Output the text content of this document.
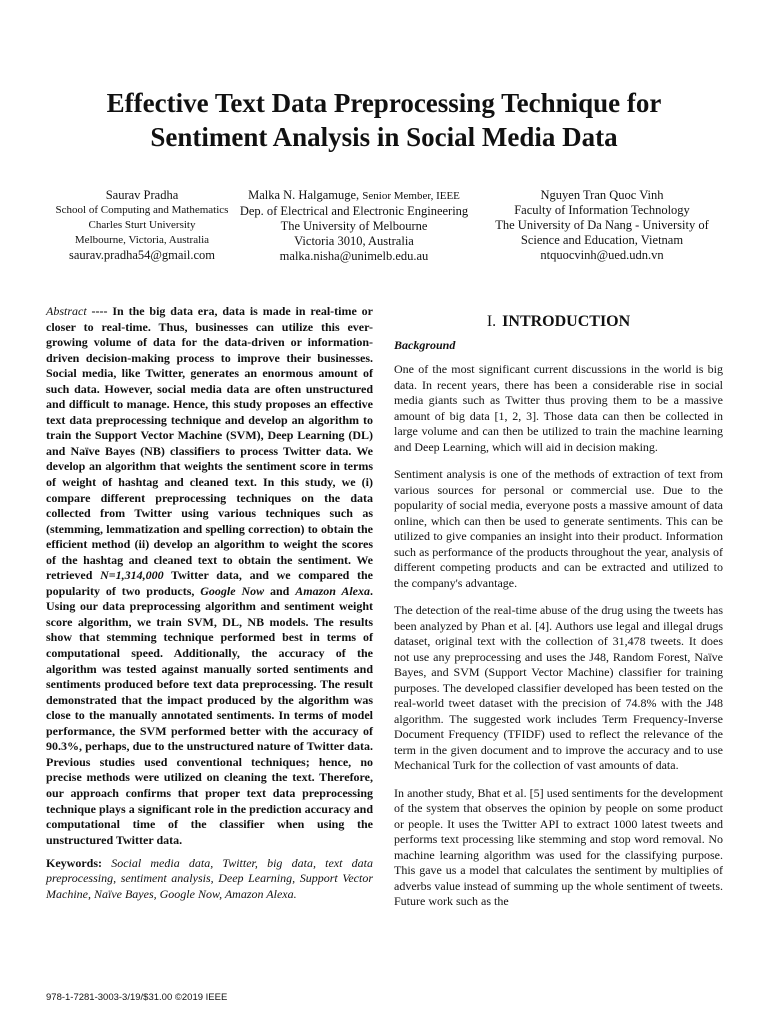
Effective Text Data Preprocessing Technique for
Sentiment Analysis in Social Media Data
Saurav Pradha
School of Computing and Mathematics
Charles Sturt University
Melbourne, Victoria, Australia
saurav.pradha54@gmail.com
Malka N. Halgamuge, Senior Member, IEEE
Dep. of Electrical and Electronic Engineering
The University of Melbourne
Victoria 3010, Australia
malka.nisha@unimelb.edu.au
Nguyen Tran Quoc Vinh
Faculty of Information Technology
The University of Da Nang - University of
Science and Education, Vietnam
ntquocvinh@ued.udn.vn
Abstract ---- In the big data era, data is made in real-time or closer to real-time. Thus, businesses can utilize this ever-growing volume of data for the data-driven or information-driven decision-making process to improve their businesses. Social media, like Twitter, generates an enormous amount of such data. However, social media data are often unstructured and difficult to manage. Hence, this study proposes an effective text data preprocessing technique and develop an algorithm to train the Support Vector Machine (SVM), Deep Learning (DL) and Naïve Bayes (NB) classifiers to process Twitter data. We develop an algorithm that weights the sentiment score in terms of weight of hashtag and cleaned text. In this study, we (i) compare different preprocessing techniques on the data collected from Twitter using various techniques such as (stemming, lemmatization and spelling correction) to obtain the efficient method (ii) develop an algorithm to weight the scores of the hashtag and cleaned text to obtain the sentiment. We retrieved N=1,314,000 Twitter data, and we compared the popularity of two products, Google Now and Amazon Alexa. Using our data preprocessing algorithm and sentiment weight score algorithm, we train SVM, DL, NB models. The results show that stemming technique performed best in terms of computational speed. Additionally, the accuracy of the algorithm was tested against manually sorted sentiments and sentiments produced before text data preprocessing. The result demonstrated that the impact produced by the algorithm was close to the manually annotated sentiments. In terms of model performance, the SVM performed better with the accuracy of 90.3%, perhaps, due to the unstructured nature of Twitter data. Previous studies used conventional techniques; hence, no precise methods were utilized on cleaning the text. Therefore, our approach confirms that proper text data preprocessing technique plays a significant role in the prediction accuracy and computational time of the classifier when using the unstructured Twitter data.
Keywords: Social media data, Twitter, big data, text data preprocessing, sentiment analysis, Deep Learning, Support Vector Machine, Naïve Bayes, Google Now, Amazon Alexa.
I. INTRODUCTION
Background
One of the most significant current discussions in the world is big data. In recent years, there has been a considerable rise in social media giants such as Twitter thus proving them to be a massive amount of big data [1, 2, 3]. Those data can then be collected in large volume and can then be utilized to train the machine learning and Deep Learning, which will aid in decision making.
Sentiment analysis is one of the methods of extraction of text from various sources for personal or commercial use. Due to the popularity of social media, everyone posts a massive amount of data online, which can then be used to generate sentiments. This can be utilized to give companies an insight into their product. Information such as performance of the products throughout the year, analysis of different competing products and can be extracted and utilized to the company's advantage.
The detection of the real-time abuse of the drug using the tweets has been analyzed by Phan et al. [4]. Authors use legal and illegal drugs dataset, original text with the collection of 31,478 tweets. It does not use any preprocessing and uses the J48, Random Forest, Naïve Bayes, and SVM (Support Vector Machine) classifier for training purposes. The developed classifier developed has been tested on the real-world tweet dataset with the precision of 74.8% with the J48 algorithm. The suggested work includes Term Frequency-Inverse Document Frequency (TFIDF) used to reflect the relevance of the term in the given document and to improve the accuracy and to use Mechanical Turk for the collection of vast amounts of data.
In another study, Bhat et al. [5] used sentiments for the development of the system that observes the opinion by people on some product or people. It uses the Twitter API to extract 1000 latest tweets and performs text processing like stemming and stop word removal. No machine learning algorithm was used for the classifying purpose. This gave us a model that calculates the sentiment by multiplies of adverbs value instead of summing up the whole sentiment of tweets. Future work such as the
978-1-7281-3003-3/19/$31.00 ©2019 IEEE
